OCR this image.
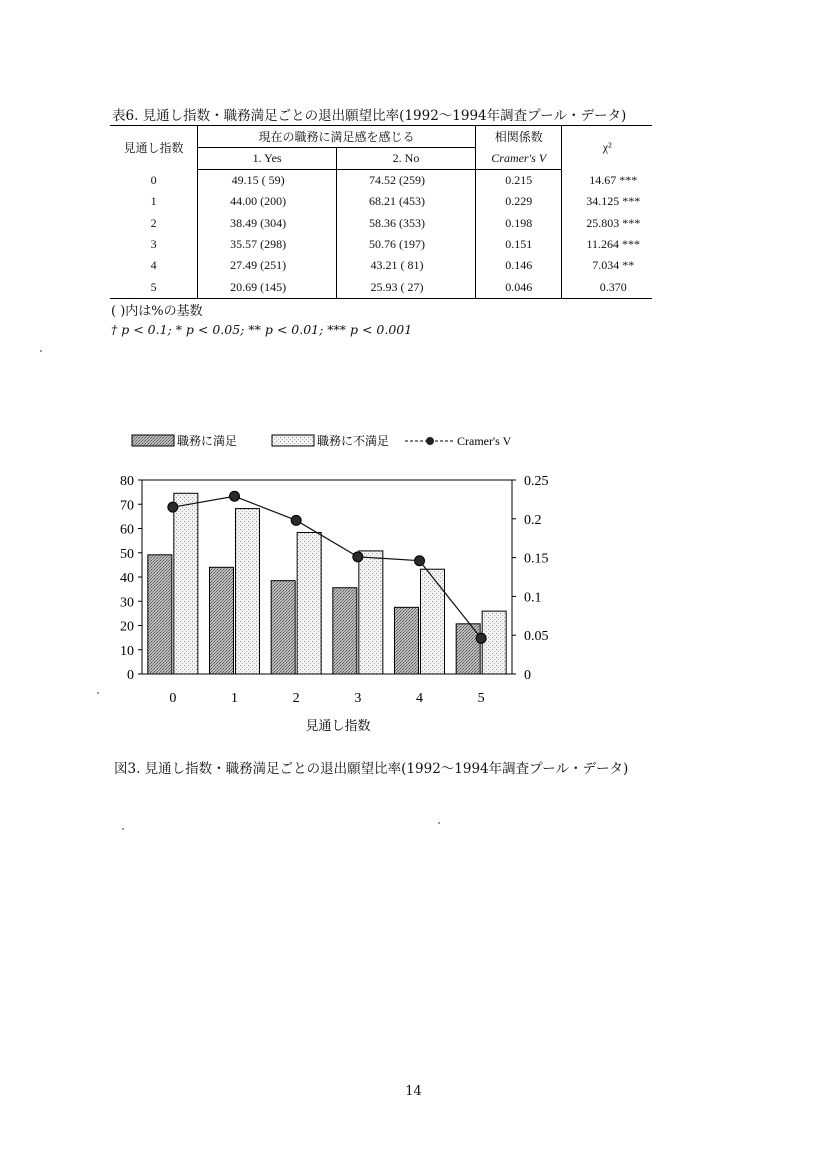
表6. 見通し指数・職務満足ごとの退出願望比率(1992〜1994年調査プール・データ)
見通し指数	現在の職務に満足感を感じる		相関係数	χ²
	1. Yes	2. No	Cramer's V	
0	49.15 ( 59)	74.52 (259)	0.215	14.67 ***
1	44.00 (200)	68.21 (453)	0.229	34.125 ***
2	38.49 (304)	58.36 (353)	0.198	25.803 ***
3	35.57 (298)	50.76 (197)	0.151	11.264 ***
4	27.49 (251)	43.21 ( 81)	0.146	7.034 **
5	20.69 (145)	25.93 ( 27)	0.046	0.370
( )内は%の基数
† p < 0.1; * p < 0.05; ** p < 0.01; *** p < 0.001
職務に満足	職務に不満足	Cramer's V
80
70
60
50
40
30
20
10
0
0.25
0.2
0.15
0.1
0.05
0
0	1	2	3	4	5
見通し指数
図3. 見通し指数・職務満足ごとの退出願望比率(1992〜1994年調査プール・データ)
14
